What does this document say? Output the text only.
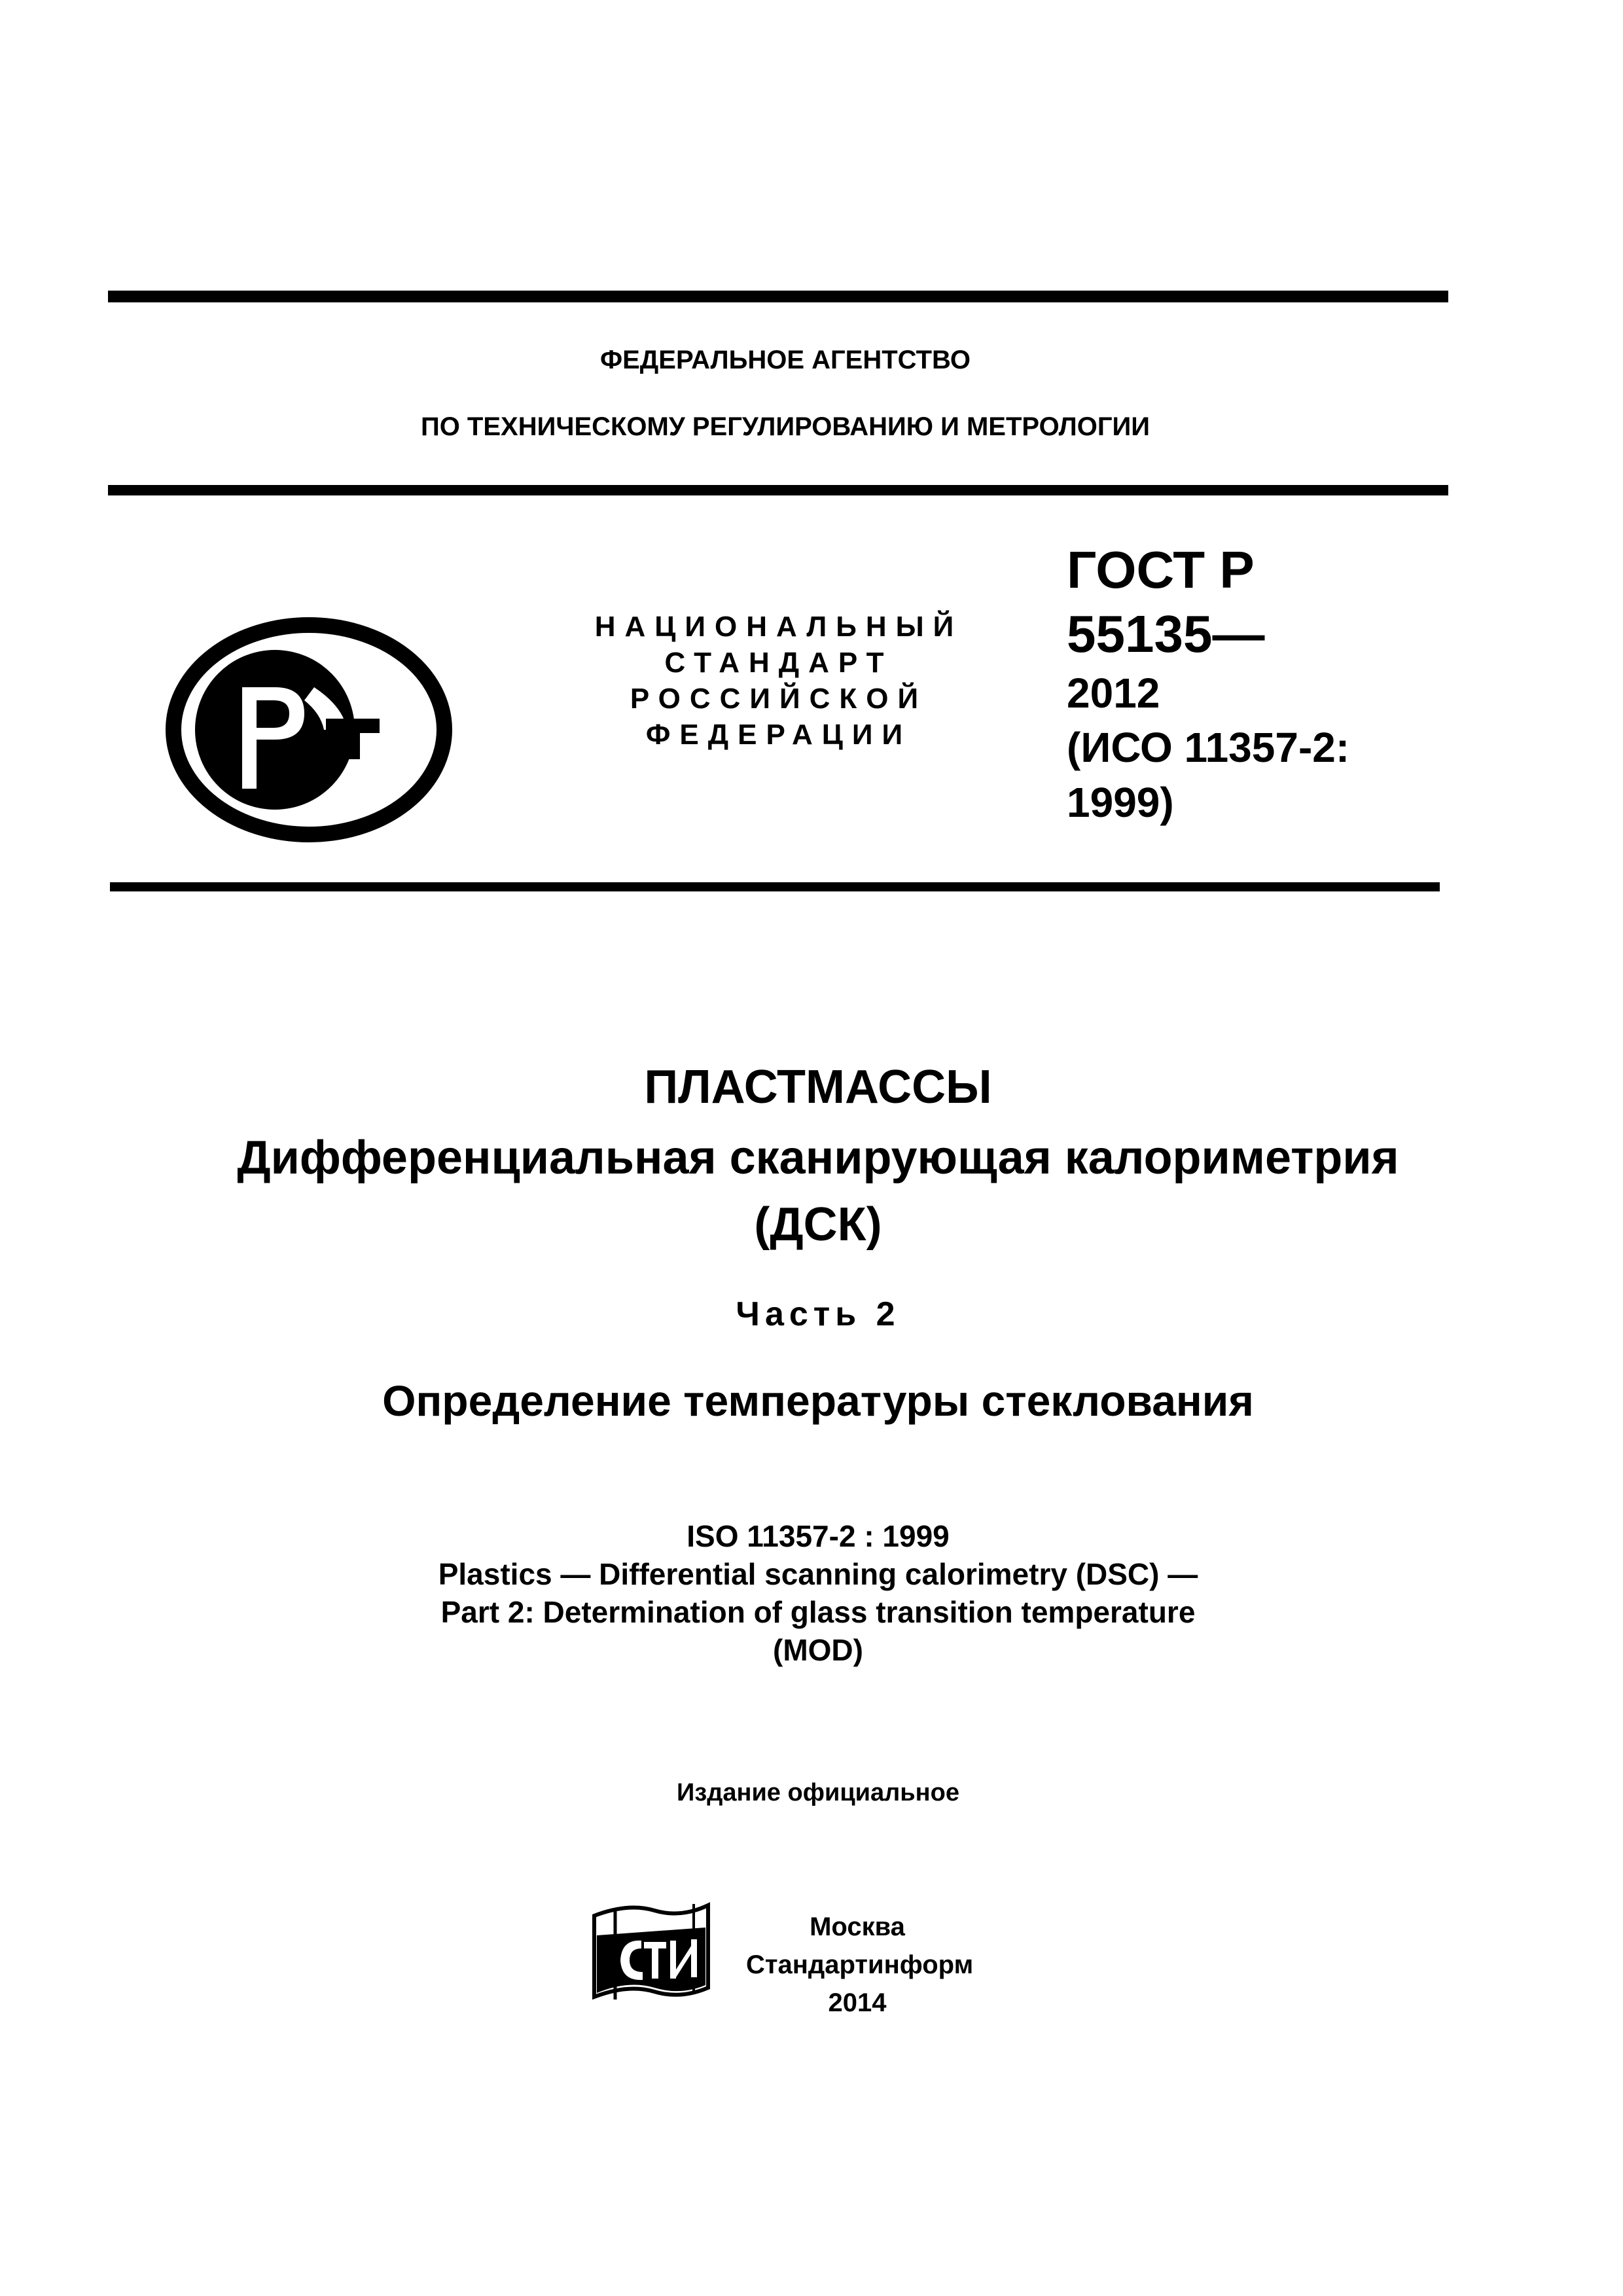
ФЕДЕРАЛЬНОЕ АГЕНТСТВО
ПО ТЕХНИЧЕСКОМУ РЕГУЛИРОВАНИЮ И МЕТРОЛОГИИ
НАЦИОНАЛЬНЫЙ
СТАНДАРТ
РОССИЙСКОЙ
ФЕДЕРАЦИИ
ГОСТ Р
55135—
2012
(ИСО 11357-2:
1999)
ПЛАСТМАССЫ
Дифференциальная сканирующая калориметрия
(ДСК)
Часть 2
Определение температуры стеклования
ISO 11357-2 : 1999
Plastics — Differential scanning calorimetry (DSC) —
Part 2: Determination of glass transition temperature
(MOD)
Издание официальное
Москва
Стандартинформ
2014
